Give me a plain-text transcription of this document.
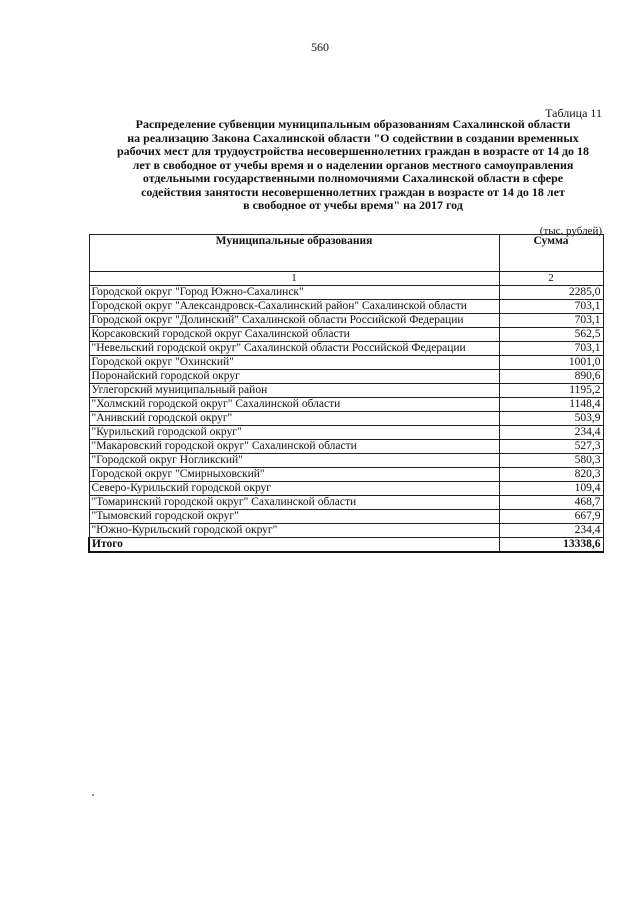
560
Таблица 11
Распределение субвенции муниципальным образованиям Сахалинской области
на реализацию Закона Сахалинской области "О содействии в создании временных
рабочих мест для трудоустройства несовершеннолетних граждан в возрасте от 14 до 18
лет в свободное от учебы время и о наделении органов местного самоуправления
отдельными государственными полномочиями Сахалинской области в сфере
содействия занятости несовершеннолетних граждан в возрасте от 14 до 18 лет
в свободное от учебы время" на 2017 год
(тыс. рублей)
Муниципальные образования	Сумма
1	2
Городской округ "Город Южно-Сахалинск"	2285,0
Городской округ "Александровск-Сахалинский район" Сахалинской области	703,1
Городской округ "Долинский" Сахалинской области Российской Федерации	703,1
Корсаковский городской округ Сахалинской области	562,5
"Невельский городской округ" Сахалинской области Российской Федерации	703,1
Городской округ "Охинский"	1001,0
Поронайский городской округ	890,6
Углегорский муниципальный район	1195,2
"Холмский городской округ" Сахалинской области	1148,4
"Анивский городской округ"	503,9
"Курильский городской округ"	234,4
"Макаровский городской округ" Сахалинской области	527,3
"Городской округ Ногликский"	580,3
Городской округ "Смирныховский"	820,3
Северо-Курильский городской округ	109,4
"Томаринский городской округ" Сахалинской области	468,7
"Тымовский городской округ"	667,9
"Южно-Курильский городской округ"	234,4
Итого	13338,6
